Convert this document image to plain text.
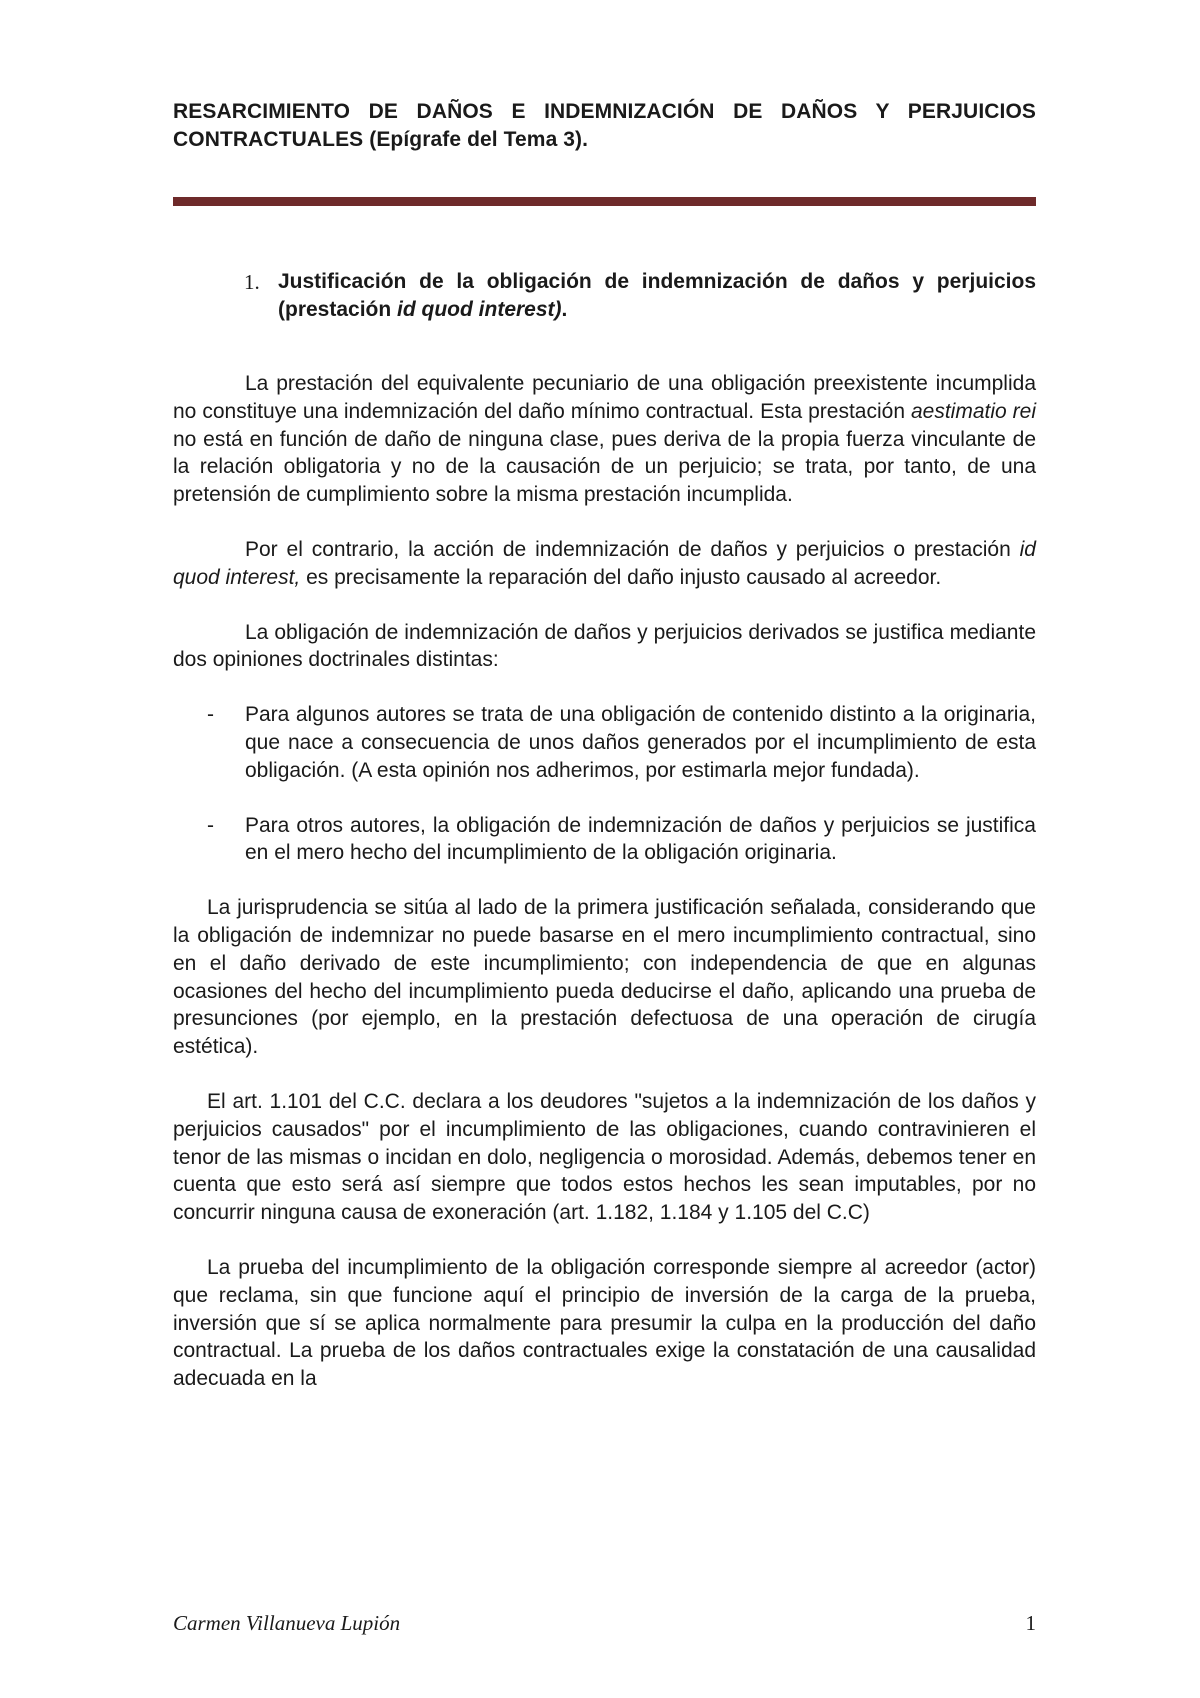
RESARCIMIENTO DE DAÑOS E INDEMNIZACIÓN DE DAÑOS Y PERJUICIOS CONTRACTUALES (Epígrafe del Tema 3).
1. Justificación de la obligación de indemnización de daños y perjuicios (prestación id quod interest).

La prestación del equivalente pecuniario de una obligación preexistente incumplida no constituye una indemnización del daño mínimo contractual. Esta prestación aestimatio rei no está en función de daño de ninguna clase, pues deriva de la propia fuerza vinculante de la relación obligatoria y no de la causación de un perjuicio; se trata, por tanto, de una pretensión de cumplimiento sobre la misma prestación incumplida.

Por el contrario, la acción de indemnización de daños y perjuicios o prestación id quod interest, es precisamente la reparación del daño injusto causado al acreedor.

La obligación de indemnización de daños y perjuicios derivados se justifica mediante dos opiniones doctrinales distintas:

-	Para algunos autores se trata de una obligación de contenido distinto a la originaria, que nace a consecuencia de unos daños generados por el incumplimiento de esta obligación. (A esta opinión nos adherimos, por estimarla mejor fundada).
-	Para otros autores, la obligación de indemnización de daños y perjuicios se justifica en el mero hecho del incumplimiento de la obligación originaria.

La jurisprudencia se sitúa al lado de la primera justificación señalada, considerando que la obligación de indemnizar no puede basarse en el mero incumplimiento contractual, sino en el daño derivado de este incumplimiento; con independencia de que en algunas ocasiones del hecho del incumplimiento pueda deducirse el daño, aplicando una prueba de presunciones (por ejemplo, en la prestación defectuosa de una operación de cirugía estética).

El art. 1.101 del C.C. declara a los deudores "sujetos a la indemnización de los daños y perjuicios causados" por el incumplimiento de las obligaciones, cuando contravinieren el tenor de las mismas o incidan en dolo, negligencia o morosidad. Además, debemos tener en cuenta que esto será así siempre que todos estos hechos les sean imputables, por no concurrir ninguna causa de exoneración (art. 1.182, 1.184 y 1.105 del C.C)

La prueba del incumplimiento de la obligación corresponde siempre al acreedor (actor) que reclama, sin que funcione aquí el principio de inversión de la carga de la prueba, inversión que sí se aplica normalmente para presumir la culpa en la producción del daño contractual. La prueba de los daños contractuales exige la constatación de una causalidad adecuada en la

Carmen Villanueva Lupión	1
